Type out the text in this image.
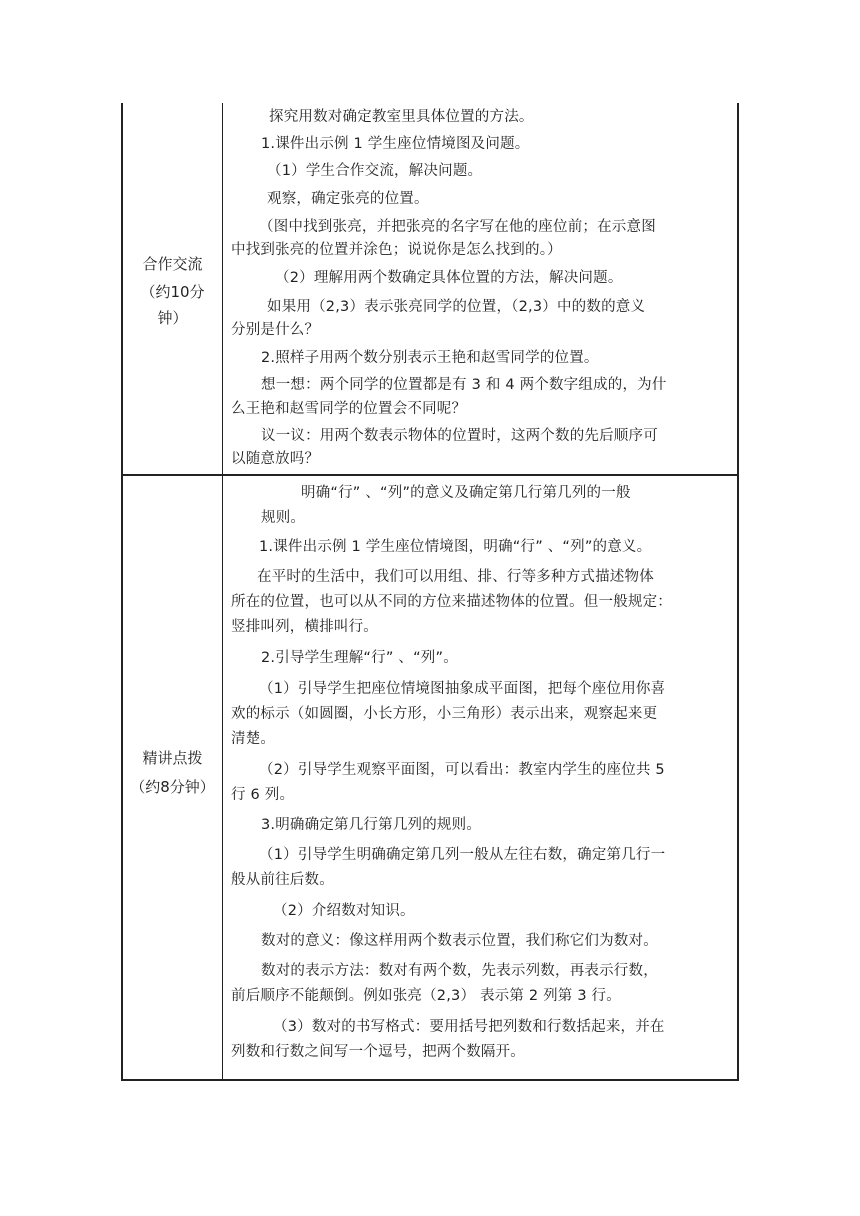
合作交流
（约10分
钟）
探究用数对确定教室里具体位置的方法。
1.课件出示例 1 学生座位情境图及问题。
（1）学生合作交流，解决问题。
观察，确定张亮的位置。
（图中找到张亮，并把张亮的名字写在他的座位前；在示意图
中找到张亮的位置并涂色；说说你是怎么找到的。）
（2）理解用两个数确定具体位置的方法，解决问题。
如果用（2,3）表示张亮同学的位置，（2,3）中的数的意义
分别是什么？
2.照样子用两个数分别表示王艳和赵雪同学的位置。
想一想：两个同学的位置都是有 3 和 4 两个数字组成的，为什
么王艳和赵雪同学的位置会不同呢？
议一议：用两个数表示物体的位置时，这两个数的先后顺序可
以随意放吗？
精讲点拨
（约8分钟）
明确“行” 、“列”的意义及确定第几行第几列的一般
规则。
1.课件出示例 1 学生座位情境图，明确“行” 、“列”的意义。
在平时的生活中，我们可以用组、排、行等多种方式描述物体
所在的位置，也可以从不同的方位来描述物体的位置。但一般规定：
竖排叫列，横排叫行。
2.引导学生理解“行” 、“列”。
（1）引导学生把座位情境图抽象成平面图，把每个座位用你喜
欢的标示（如圆圈，小长方形，小三角形）表示出来，观察起来更
清楚。
（2）引导学生观察平面图，可以看出：教室内学生的座位共 5
行 6 列。
3.明确确定第几行第几列的规则。
（1）引导学生明确确定第几列一般从左往右数，确定第几行一
般从前往后数。
（2）介绍数对知识。
数对的意义：像这样用两个数表示位置，我们称它们为数对。
数对的表示方法：数对有两个数，先表示列数，再表示行数，
前后顺序不能颠倒。例如张亮（2,3） 表示第 2 列第 3 行。
（3）数对的书写格式：要用括号把列数和行数括起来，并在
列数和行数之间写一个逗号，把两个数隔开。
